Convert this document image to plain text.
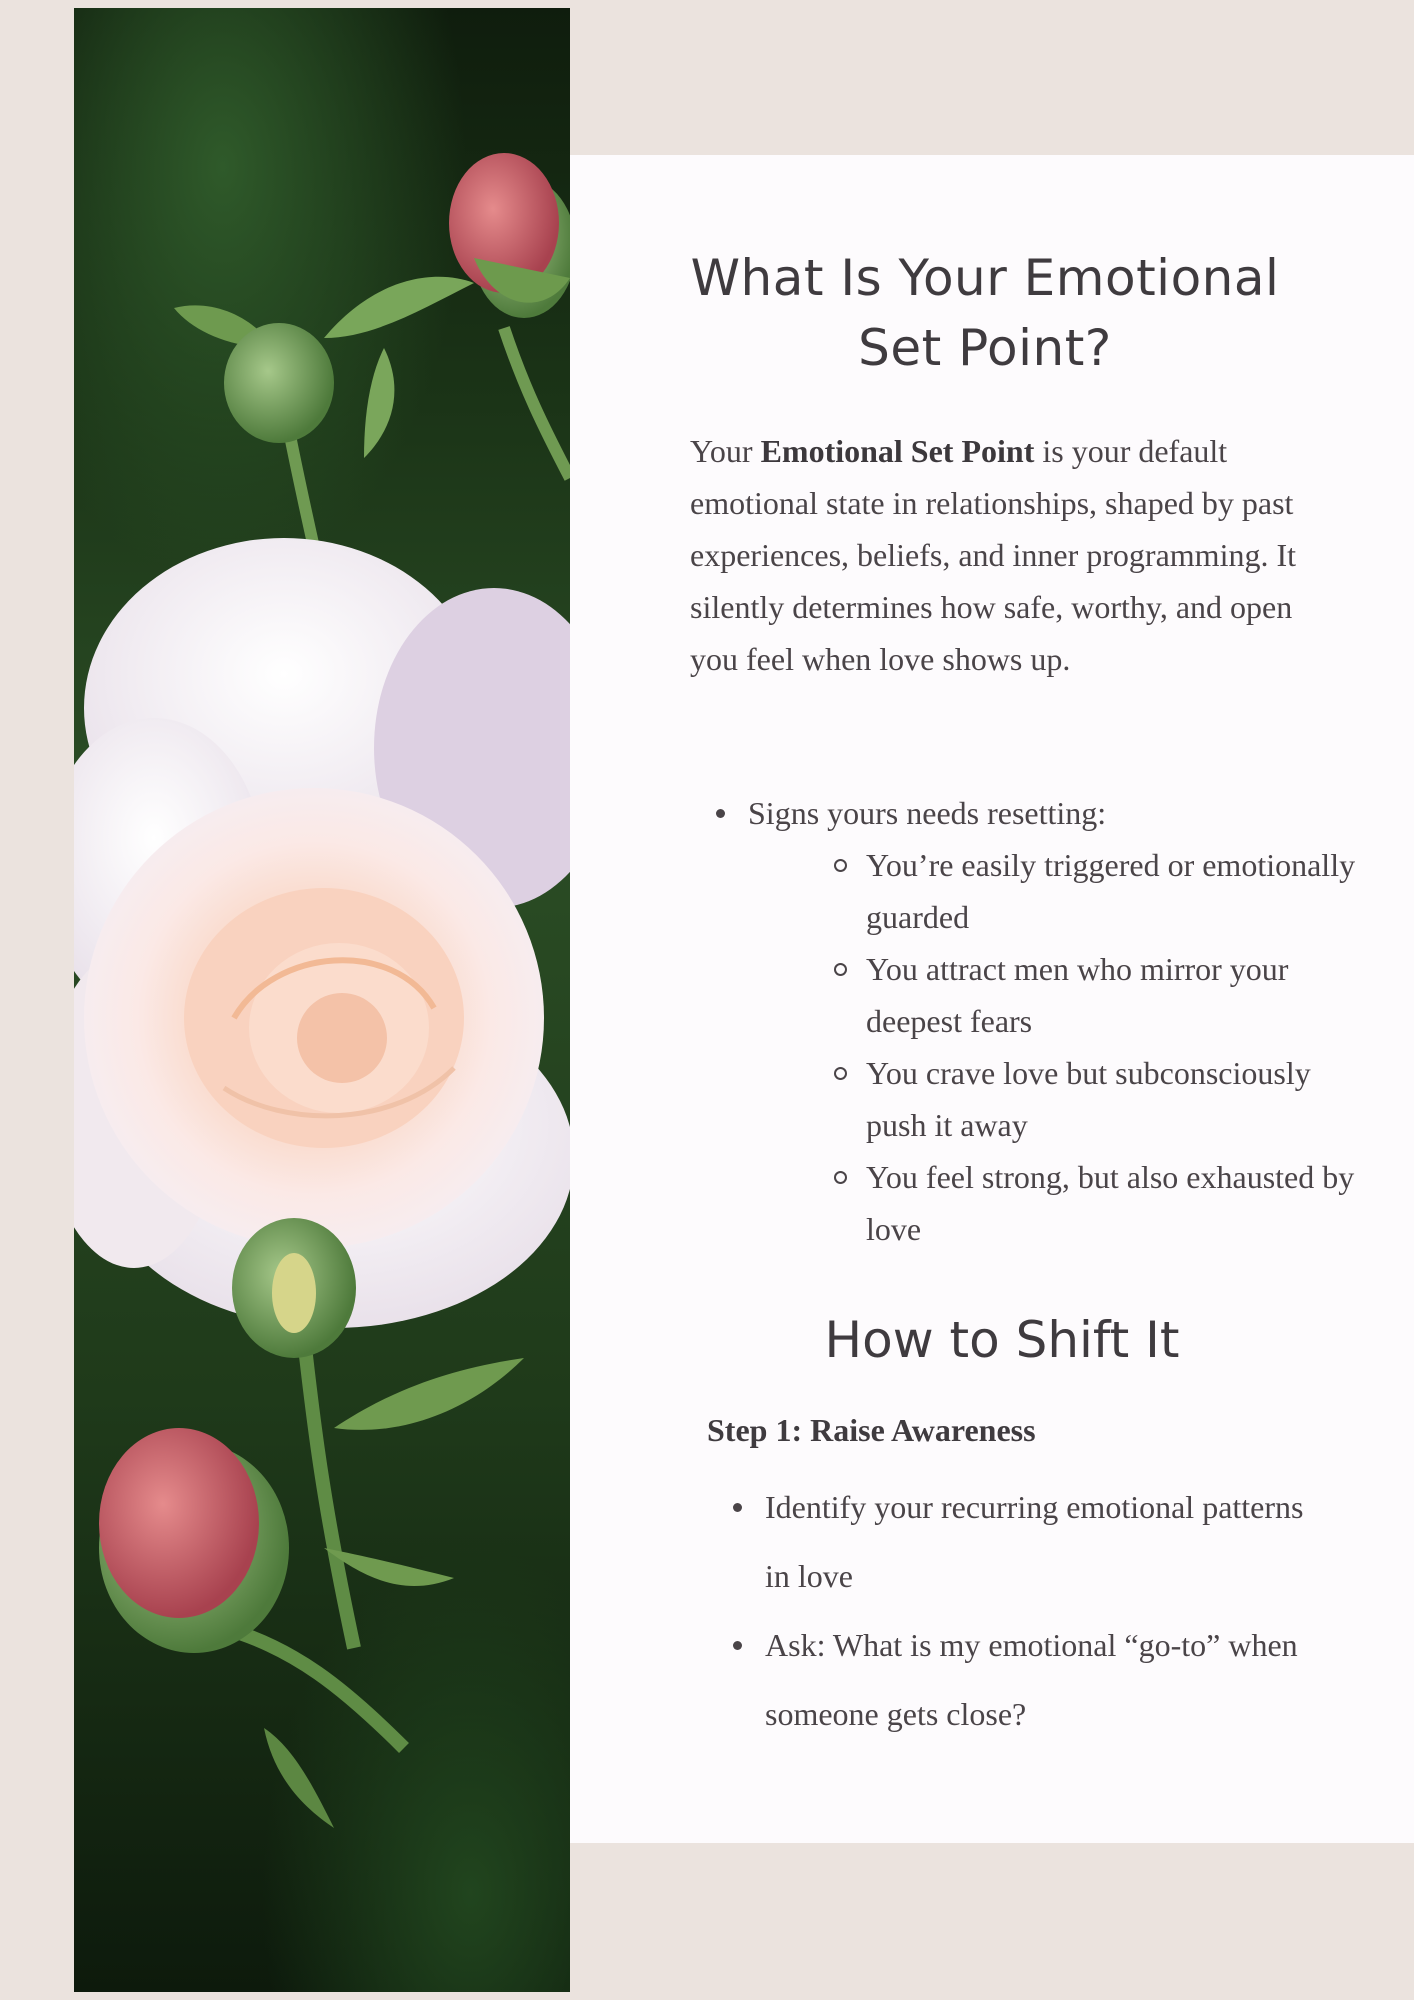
What Is Your Emotional
Set Point?

Your Emotional Set Point is your default emotional state in relationships, shaped by past experiences, beliefs, and inner programming. It silently determines how safe, worthy, and open you feel when love shows up.

Signs yours needs resetting:
You’re easily triggered or emotionally guarded
You attract men who mirror your deepest fears
You crave love but subconsciously push it away
You feel strong, but also exhausted by love
How to Shift It

Step 1: Raise Awareness

Identify your recurring emotional patterns in love
Ask: What is my emotional “go-to” when someone gets close?
